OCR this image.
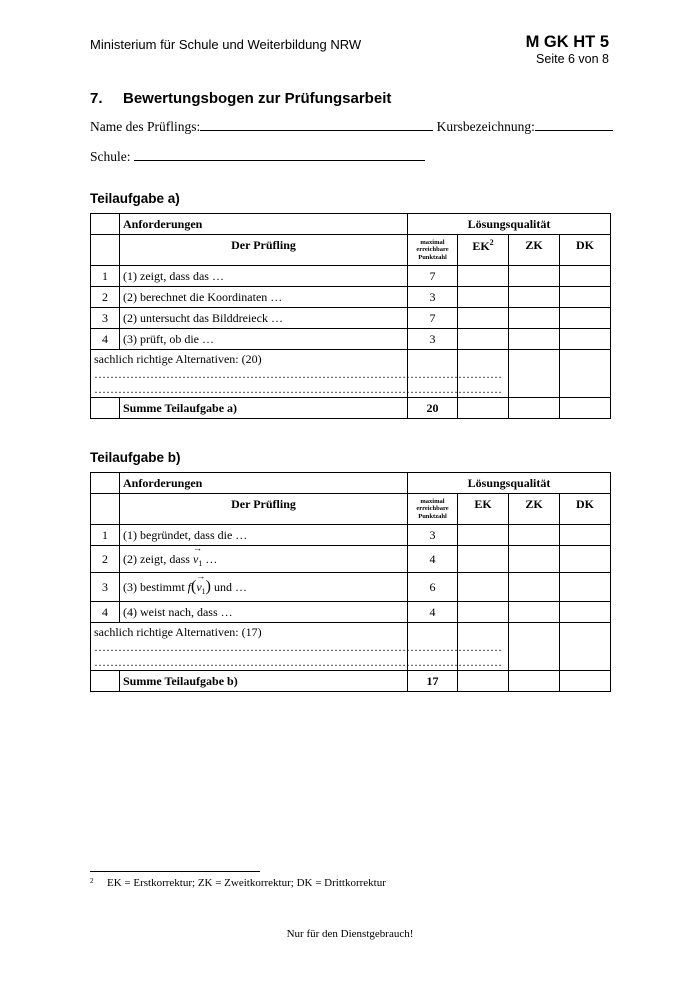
Ministerium für Schule und Weiterbildung NRW	M GK HT 5
Seite 6 von 8
7. Bewertungsbogen zur Prüfungsarbeit
Name des Prüflings:	Kursbezeichnung:
Schule:
Teilaufgabe a)
	Anforderungen	Lösungsqualität			
	Der Prüfling	maximal
erreichbare
Punktzahl	$EK^2$	ZK	DK
1	(1) zeigt, dass das …	7			
2	(2) berechnet die Koordinaten …	3			
3	(2) untersucht das Bilddreieck …	7			
4	(3) prüft, ob die …	3			

sachlich richtige Alternativen: (20)
…………………………………………………………………………………………
…………………………………………………………………………………………					

	Summe Teilaufgabe a)	20			
Teilaufgabe b)
	Anforderungen	Lösungsqualität			
	Der Prüfling	maximal
erreichbare
Punktzahl	EK	ZK	DK
1	(1) begründet, dass die …	3			
2	(2) zeigt, dass → $v_1$ …	4			
3	(3) bestimmt $f(\to v_1)$ und …	6			
4	(4) weist nach, dass …	4			

sachlich richtige Alternativen: (17)
…………………………………………………………………………………………
…………………………………………………………………………………………					

	Summe Teilaufgabe b)	17			
$^2$ EK = Erstkorrektur; ZK = Zweitkorrektur; DK = Drittkorrektur
Nur für den Dienstgebrauch!
